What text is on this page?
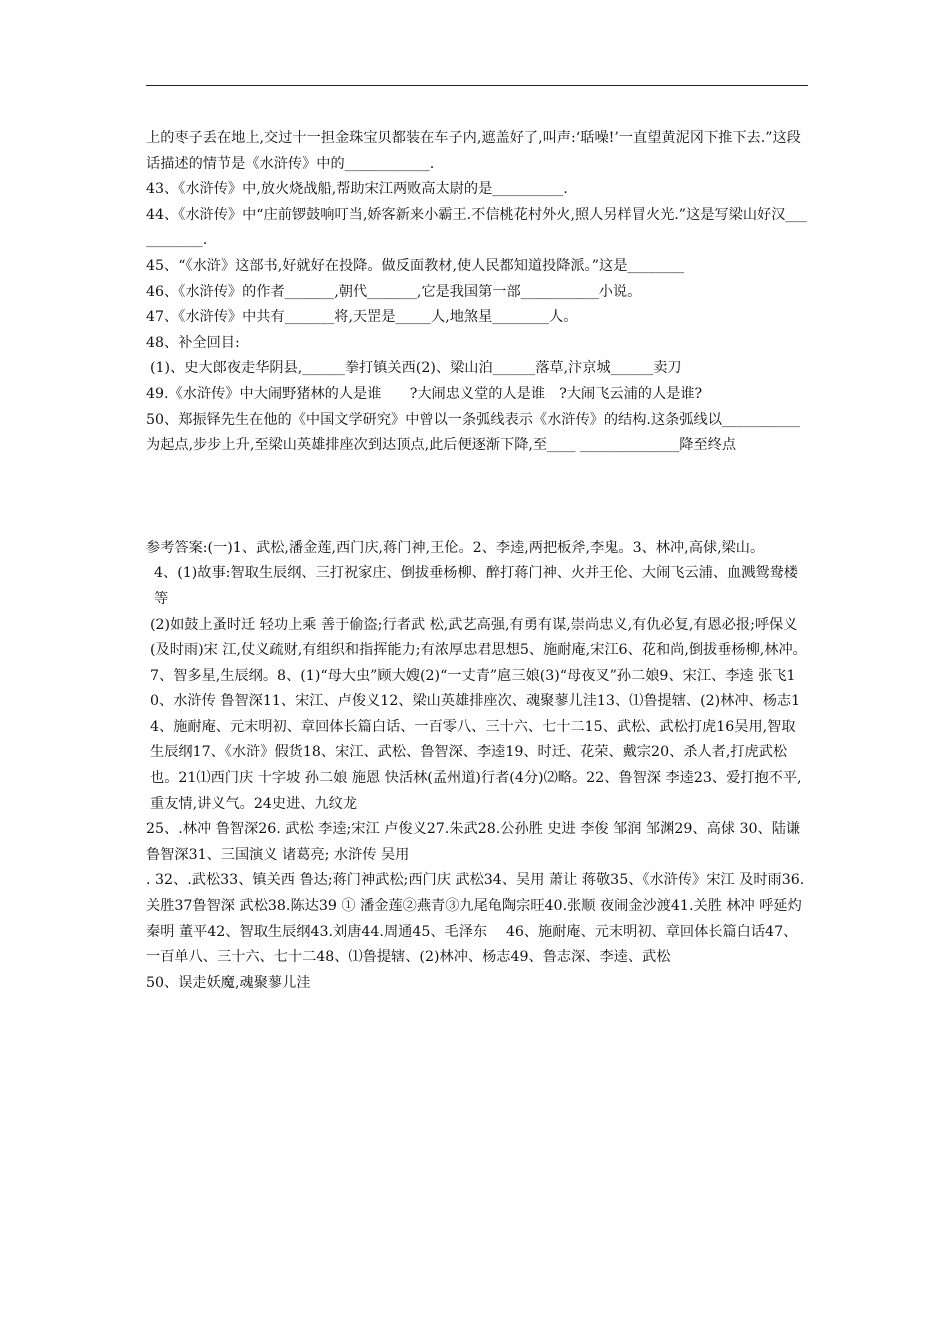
上的枣子丢在地上,交过十一担金珠宝贝都装在车子内,遮盖好了,叫声:‘聒噪!’一直望黄泥冈下推下去.”这段话描述的情节是《水浒传》中的____________.

43、《水浒传》中,放火烧战船,帮助宋江两败高太尉的是__________.

44、《水浒传》中“庄前锣鼓响叮当,娇客新来小霸王.不信桃花村外火,照人另样冒火光.”这是写梁山好汉___________.

45、“《水浒》这部书,好就好在投降。做反面教材,使人民都知道投降派。”这是________

46、《水浒传》的作者_______,朝代_______,它是我国第一部___________小说。

47、《水浒传》中共有_______将,天罡是_____人,地煞星________人。

48、补全回目:

(1)、史大郎夜走华阴县,______拳打镇关西(2)、梁山泊______落草,汴京城______卖刀

49.《水浒传》中大闹野猪林的人是谁　　?大闹忠义堂的人是谁　?大闹飞云浦的人是谁?

50、郑振铎先生在他的《中国文学研究》中曾以一条弧线表示《水浒传》的结构.这条弧线以___________为起点,步步上升,至梁山英雄排座次到达顶点,此后便逐渐下降,至____ ______________降至终点

参考答案:(一)1、武松,潘金莲,西门庆,蒋门神,王伦。2、李逵,两把板斧,李鬼。3、林冲,高俅,梁山。

4、(1)故事:智取生辰纲、三打祝家庄、倒拔垂杨柳、醉打蒋门神、火并王伦、大闹飞云浦、血溅鸳鸯楼等

(2)如鼓上蚤时迁 轻功上乘 善于偷盗;行者武 松,武艺高强,有勇有谋,崇尚忠义,有仇必复,有恩必报;呼保义(及时雨)宋 江,仗义疏财,有组织和指挥能力;有浓厚忠君思想5、施耐庵,宋江6、花和尚,倒拔垂杨柳,林冲。7、智多星,生辰纲。8、(1)“母大虫”顾大嫂(2)“一丈青”扈三娘(3)“母夜叉”孙二娘9、宋江、李逵 张飞10、水浒传 鲁智深11、宋江、卢俊义12、梁山英雄排座次、魂聚蓼儿洼13、⑴鲁提辖、(2)林冲、杨志14、施耐庵、元末明初、章回体长篇白话、一百零八、三十六、七十二15、武松、武松打虎16吴用,智取生辰纲17、《水浒》假货18、宋江、武松、鲁智深、李逵19、时迁、花荣、戴宗20、杀人者,打虎武松也。21⑴西门庆 十字坡 孙二娘 施恩 快活林(孟州道)行者(4分)⑵略。22、鲁智深 李逵23、爱打抱不平,重友情,讲义气。24史进、九纹龙

25、.林冲 鲁智深26. 武松 李逵;宋江 卢俊义27.朱武28.公孙胜 史进 李俊 邹润 邹渊29、高俅 30、陆谦 鲁智深31、三国演义 诸葛亮; 水浒传 吴用

. 32、.武松33、镇关西 鲁达;蒋门神武松;西门庆 武松34、吴用 萧让 蒋敬35、《水浒传》宋江 及时雨36.关胜37鲁智深 武松38.陈达39 ① 潘金莲②燕青③九尾龟陶宗旺40.张顺 夜闹金沙渡41.关胜 林冲 呼延灼 秦明 董平42、智取生辰纲43.刘唐44.周通45、毛泽东　 46、施耐庵、元末明初、章回体长篇白话47、一百单八、三十六、七十二48、⑴鲁提辖、(2)林冲、杨志49、鲁志深、李逵、武松

50、误走妖魔,魂聚蓼儿洼
